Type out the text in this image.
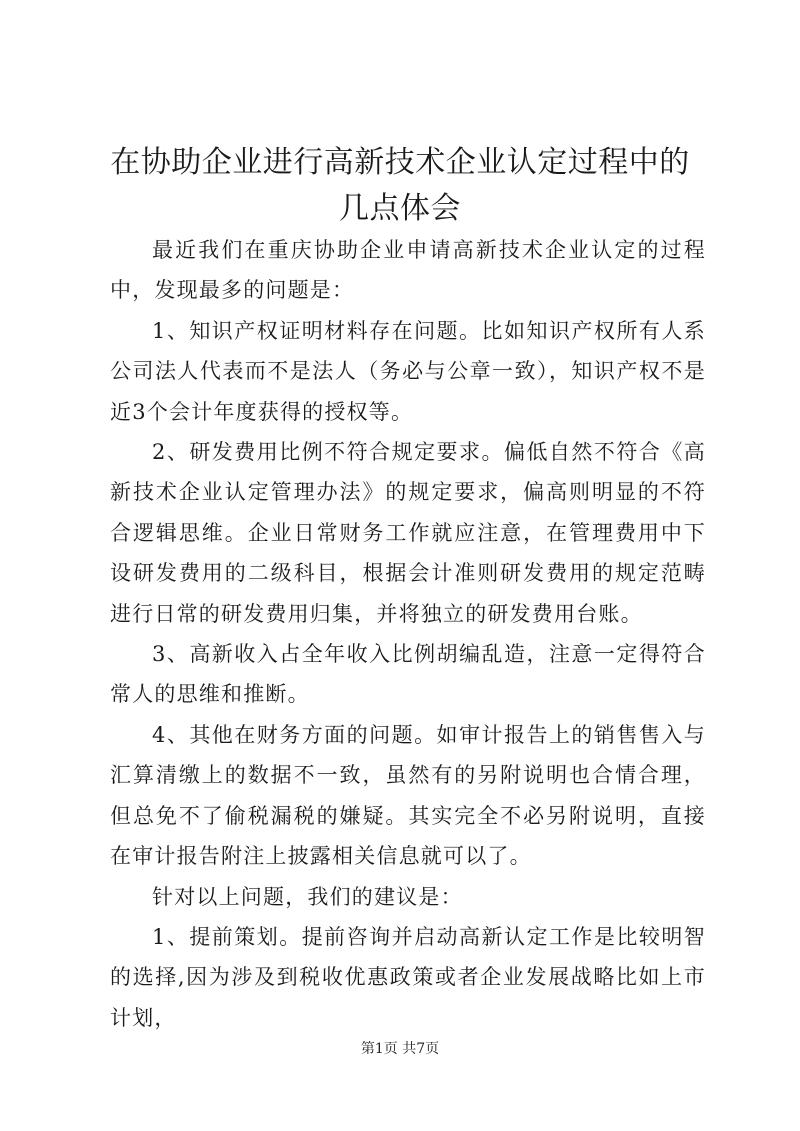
在协助企业进行高新技术企业认定过程中的几点体会

最近我们在重庆协助企业申请高新技术企业认定的过程中，发现最多的问题是：

1、知识产权证明材料存在问题。比如知识产权所有人系公司法人代表而不是法人（务必与公章一致），知识产权不是近3个会计年度获得的授权等。

2、研发费用比例不符合规定要求。偏低自然不符合《高新技术企业认定管理办法》的规定要求，偏高则明显的不符合逻辑思维。企业日常财务工作就应注意，在管理费用中下设研发费用的二级科目，根据会计准则研发费用的规定范畴进行日常的研发费用归集，并将独立的研发费用台账。

3、高新收入占全年收入比例胡编乱造，注意一定得符合常人的思维和推断。

4、其他在财务方面的问题。如审计报告上的销售售入与汇算清缴上的数据不一致，虽然有的另附说明也合情合理，但总免不了偷税漏税的嫌疑。其实完全不必另附说明，直接在审计报告附注上披露相关信息就可以了。

针对以上问题，我们的建议是：

1、提前策划。提前咨询并启动高新认定工作是比较明智的选择,因为涉及到税收优惠政策或者企业发展战略比如上市计划，

第1页 共7页
